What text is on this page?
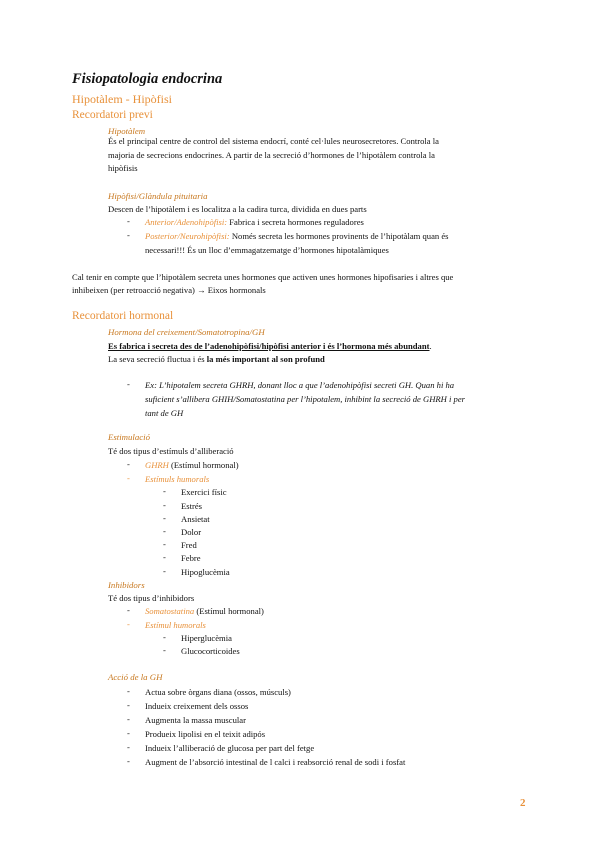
Fisiopatologia endocrina
Hipotàlem - Hipòfisi
Recordatori previ
Hipotàlem
És el principal centre de control del sistema endocrí, conté cel·lules neurosecretores. Controla la
majoria de secrecions endocrines. A partir de la secreció d’hormones de l’hipotàlem controla la
hipòfisis
Hipòfisi/Glàndula pituitaria
Descen de l’hipotàlem i es localitza a la cadira turca, dividida en dues parts
- Anterior/Adenohipòfisi: Fabrica i secreta hormones reguladores
- Posterior/Neurohipòfisi: Només secreta les hormones provinents de l’hipotàlam quan és
necessari!!! És un lloc d’emmagatzematge d’hormones hipotalàmiques
Cal tenir en compte que l’hipotàlem secreta unes hormones que activen unes hormones hipofisaries i altres que
inhibeixen (per retroacció negativa) → Eixos hormonals
Recordatori hormonal
Hormona del creixement/Somatotropina/GH
Es fabrica i secreta des de l’adenohipòfisi/hipòfisi anterior i és l’hormona més abundant.
La seva secreció fluctua i és la més important al son profund
- Ex: L’hipotalem secreta GHRH, donant lloc a que l’adenohipòfisi secreti GH. Quan hi ha
suficient s’allibera GHIH/Somatostatina per l’hipotalem, inhibint la secreció de GHRH i per
tant de GH
Estimulació
Té dos tipus d’estímuls d’alliberació
- GHRH (Estímul hormonal)
- Estímuls humorals
- Exercici físic
- Estrés
- Ansietat
- Dolor
- Fred
- Febre
- Hipoglucèmia
Inhibidors
Té dos tipus d’inhibidors
- Somatostatina (Estímul hormonal)
- Estímul humorals
- Hiperglucèmia
- Glucocorticoides
Acció de la GH
- Actua sobre òrgans diana (ossos, músculs)
- Indueix creixement dels ossos
- Augmenta la massa muscular
- Produeix lipolisi en el teixit adipós
- Indueix l’alliberació de glucosa per part del fetge
- Augment de l’absorció intestinal de l calci i reabsorció renal de sodi i fosfat
2
